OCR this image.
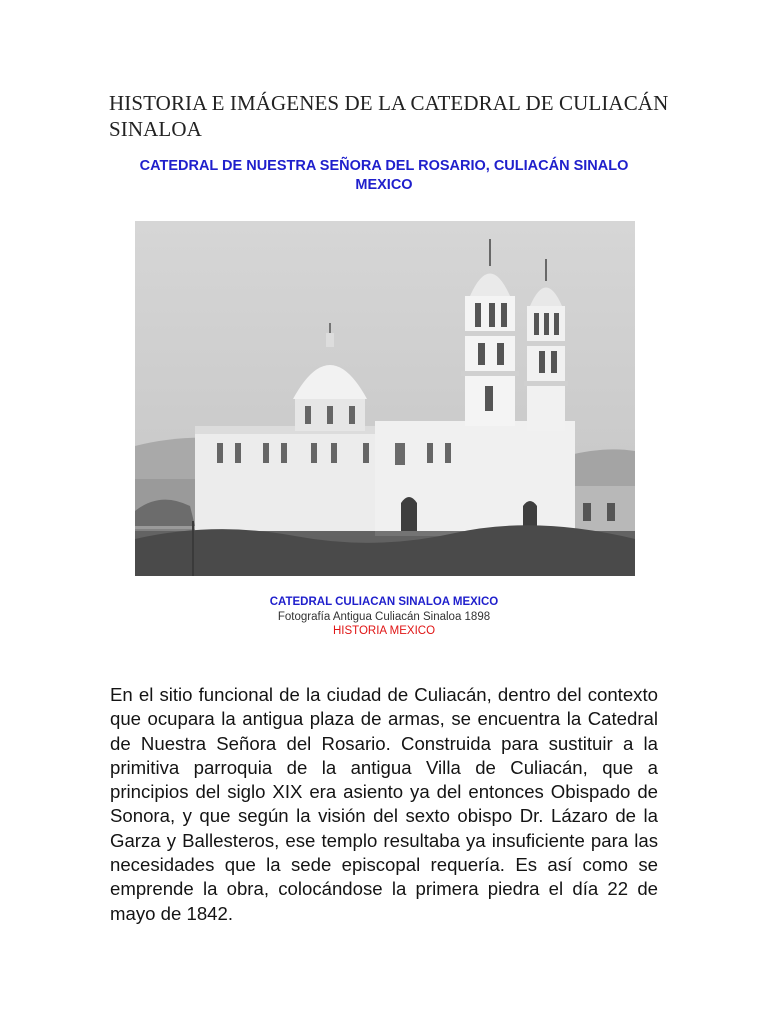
HISTORIA E IMÁGENES DE LA CATEDRAL DE CULIACÁN SINALOA
CATEDRAL DE NUESTRA SEÑORA DEL ROSARIO, CULIACÁN SINALO MEXICO
CATEDRAL CULIACAN SINALOA MEXICO
Fotografía Antigua Culiacán Sinaloa 1898
HISTORIA MEXICO

En el sitio funcional de la ciudad de Culiacán, dentro del contexto que ocupara la antigua plaza de armas, se encuentra la Catedral de Nuestra Señora del Rosario. Construida para sustituir a la primitiva parroquia de la antigua Villa de Culiacán, que a principios del siglo XIX era asiento ya del entonces Obispado de Sonora, y que según la visión del sexto obispo Dr. Lázaro de la Garza y Ballesteros, ese templo resultaba ya insuficiente para las necesidades que la sede episcopal requería. Es así como se emprende la obra, colocándose la primera piedra el día 22 de mayo de 1842.
